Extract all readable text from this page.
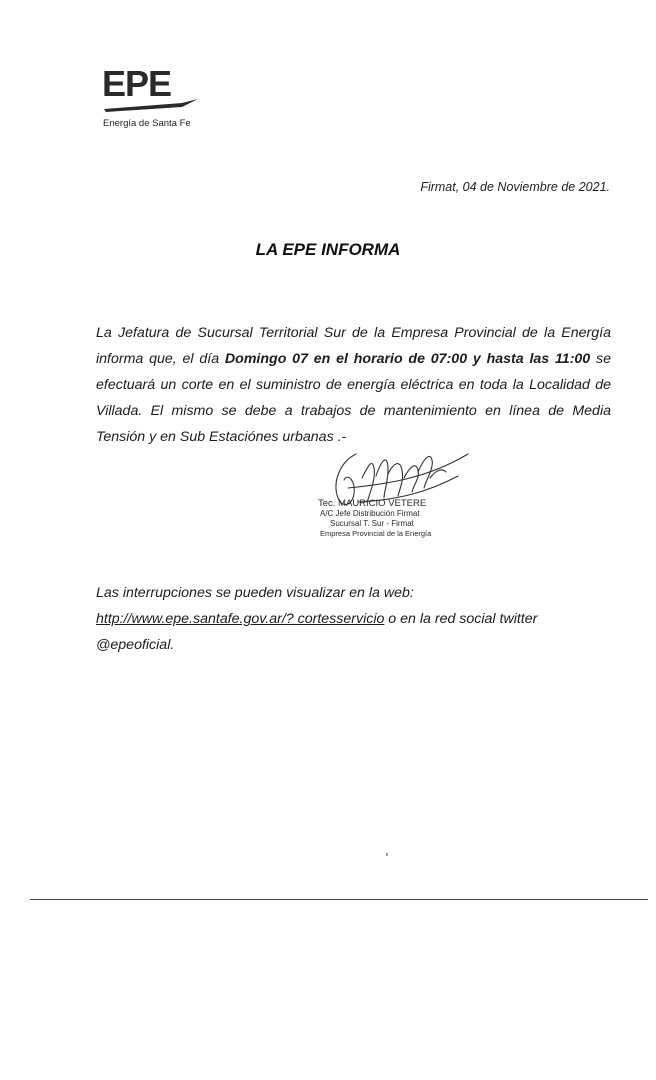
EPE
Energía de Santa Fe
Firmat, 04 de Noviembre de 2021.
LA EPE INFORMA
La Jefatura de Sucursal Territorial Sur de la Empresa Provincial de la Energía informa que, el día Domingo 07 en el horario de 07:00 y hasta las 11:00 se efectuará un corte en el suministro de energía eléctrica en toda la Localidad de Villada. El mismo se debe a trabajos de mantenimiento en línea de Media Tensión y en Sub Estaciónes urbanas .-
Tec. MAURICIO VETERE
A/C Jefe Distribución Firmat
Sucursal T. Sur - Firmat
Empresa Provincial de la Energía
Las interrupciones se pueden visualizar en la web:
http://www.epe.santafe.gov.ar/? cortesservicio o en la red social twitter
@epeoficial.
